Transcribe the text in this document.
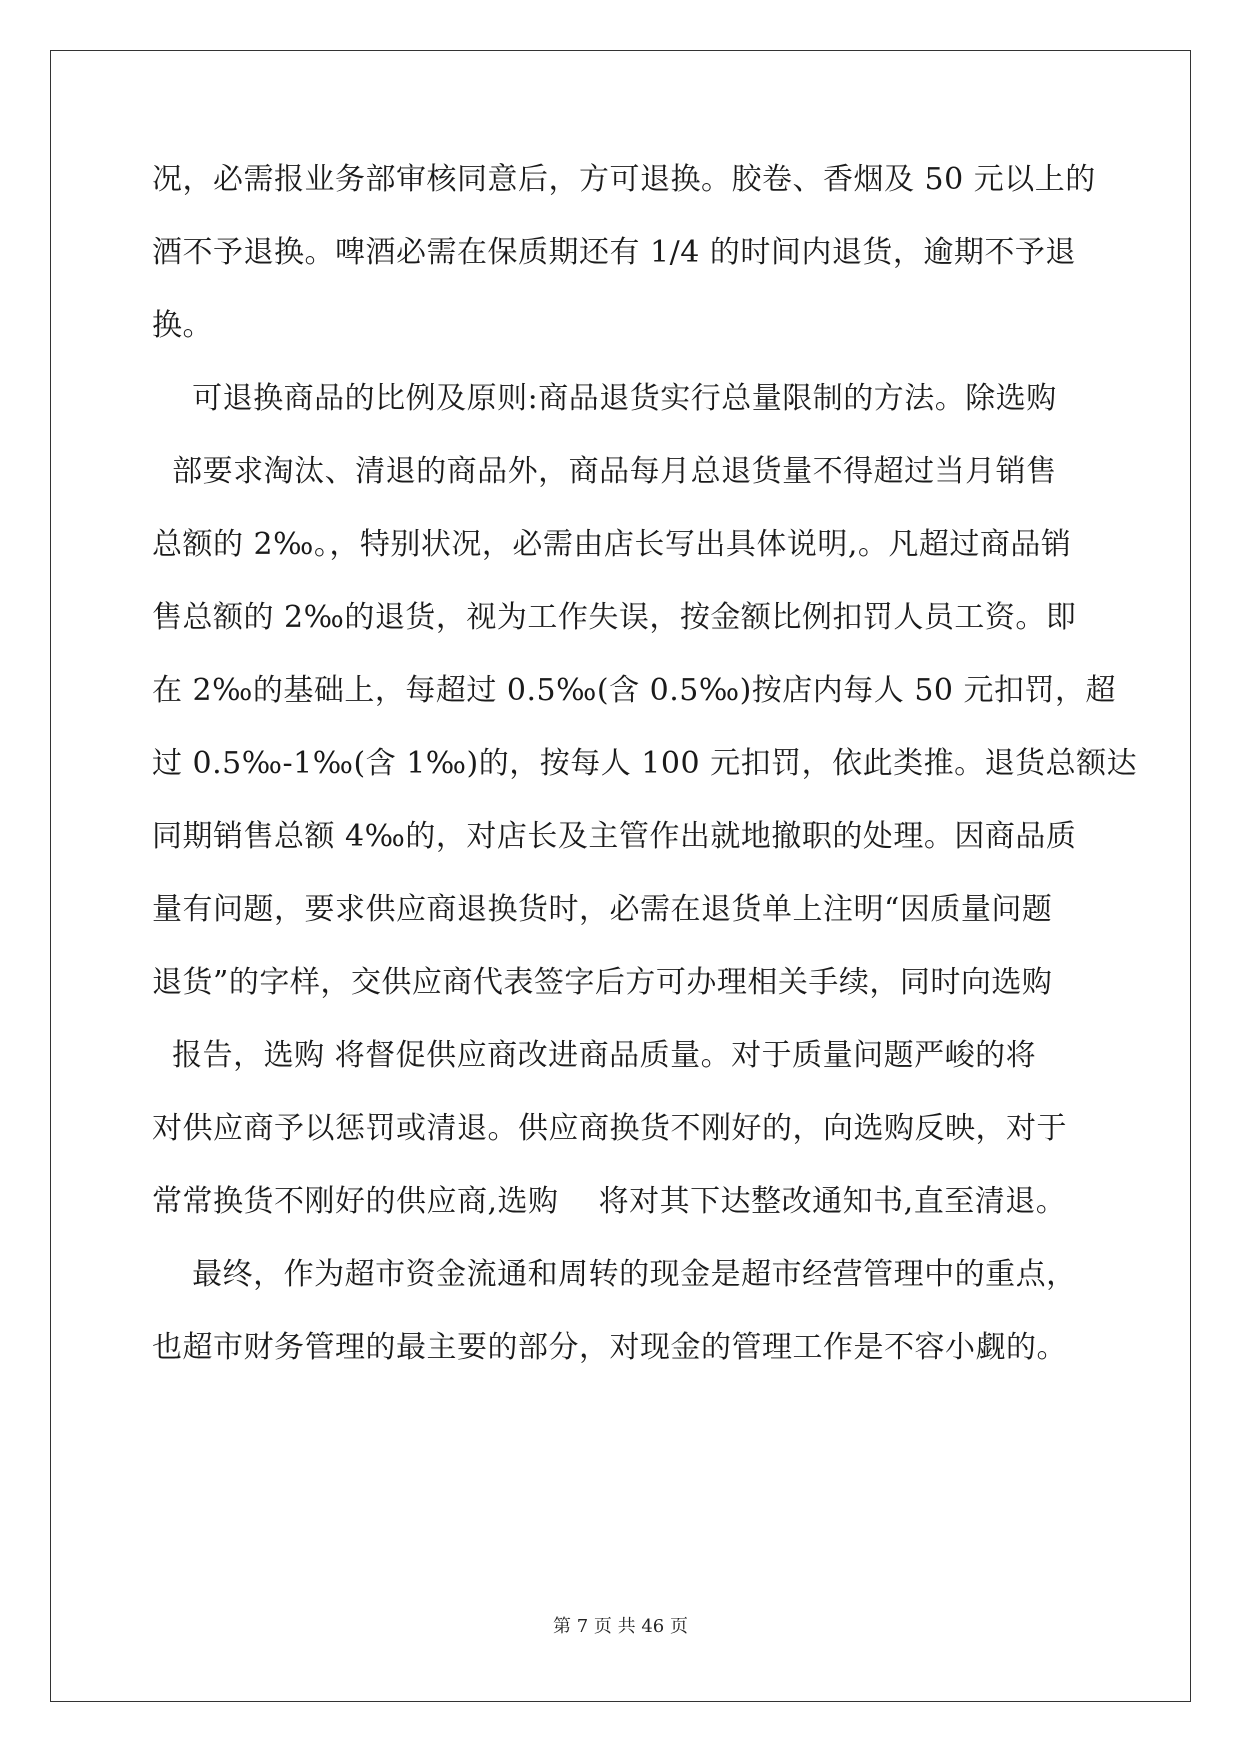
况，必需报业务部审核同意后，方可退换。胶卷、香烟及 50 元以上的
酒不予退换。啤酒必需在保质期还有 1/4 的时间内退货，逾期不予退
换。
可退换商品的比例及原则:商品退货实行总量限制的方法。除选购
部要求淘汰、清退的商品外，商品每月总退货量不得超过当月销售
总额的 2‰。，特别状况，必需由店长写出具体说明,。凡超过商品销
售总额的 2‰的退货，视为工作失误，按金额比例扣罚人员工资。即
在 2‰的基础上，每超过 0.5‰(含 0.5‰)按店内每人 50 元扣罚，超
过 0.5‰-1‰(含 1‰)的，按每人 100 元扣罚，依此类推。退货总额达
同期销售总额 4‰的，对店长及主管作出就地撤职的处理。因商品质
量有问题，要求供应商退换货时，必需在退货单上注明“因质量问题
退货”的字样，交供应商代表签字后方可办理相关手续，同时向选购
报告，选购 将督促供应商改进商品质量。对于质量问题严峻的将
对供应商予以惩罚或清退。供应商换货不刚好的，向选购反映，对于
常常换货不刚好的供应商,选购    将对其下达整改通知书,直至清退。
最终，作为超市资金流通和周转的现金是超市经营管理中的重点，
也超市财务管理的最主要的部分，对现金的管理工作是不容小觑的。
第 7 页 共 46 页
